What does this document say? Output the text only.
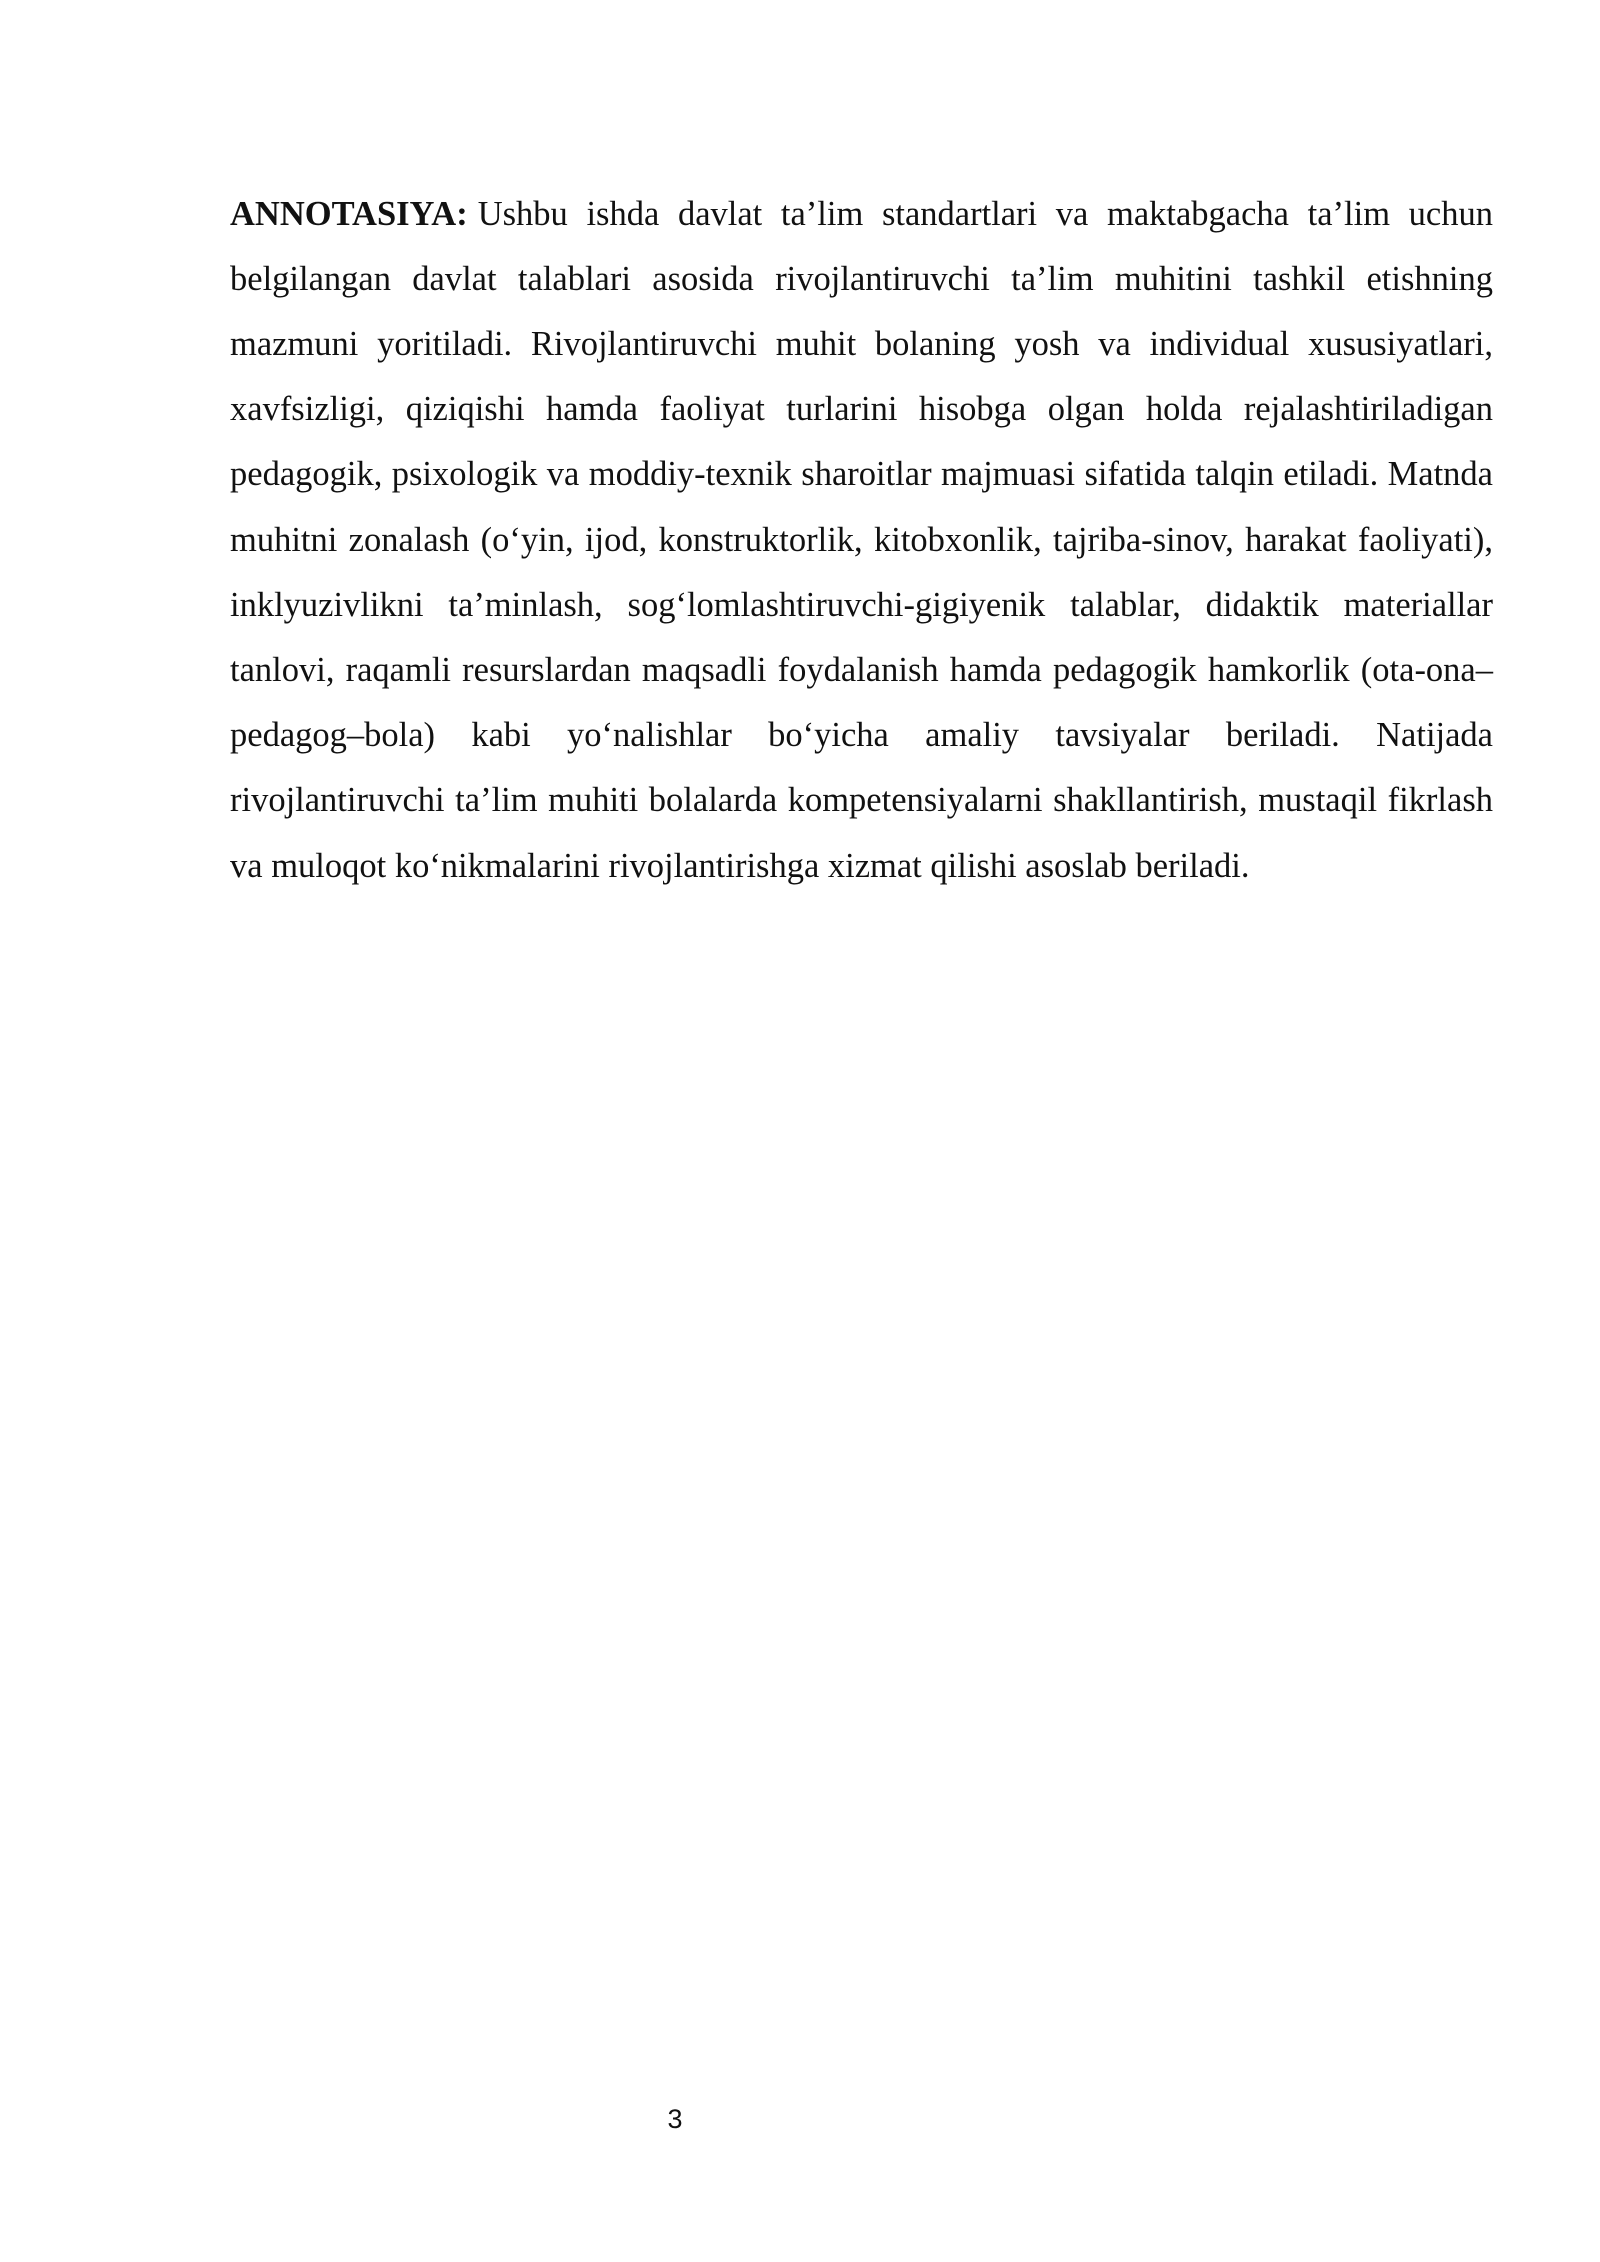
ANNOTASIYA: Ushbu ishda davlat ta’lim standartlari va maktabgacha ta’lim uchun belgilangan davlat talablari asosida rivojlantiruvchi ta’lim muhitini tashkil etishning mazmuni yoritiladi. Rivojlantiruvchi muhit bolaning yosh va individual xususiyatlari, xavfsizligi, qiziqishi hamda faoliyat turlarini hisobga olgan holda rejalashtiriladigan pedagogik, psixologik va moddiy-texnik sharoitlar majmuasi sifatida talqin etiladi. Matnda muhitni zonalash (o‘yin, ijod, konstruktorlik, kitobxonlik, tajriba-sinov, harakat faoliyati), inklyuzivlikni ta’minlash, sog‘lomlashtiruvchi-gigiyenik talablar, didaktik materiallar tanlovi, raqamli resurslardan maqsadli foydalanish hamda pedagogik hamkorlik (ota-ona–pedagog–bola) kabi yo‘nalishlar bo‘yicha amaliy tavsiyalar beriladi. Natijada rivojlantiruvchi ta’lim muhiti bolalarda kompetensiyalarni shakllantirish, mustaqil fikrlash va muloqot ko‘nikmalarini rivojlantirishga xizmat qilishi asoslab beriladi.

3
